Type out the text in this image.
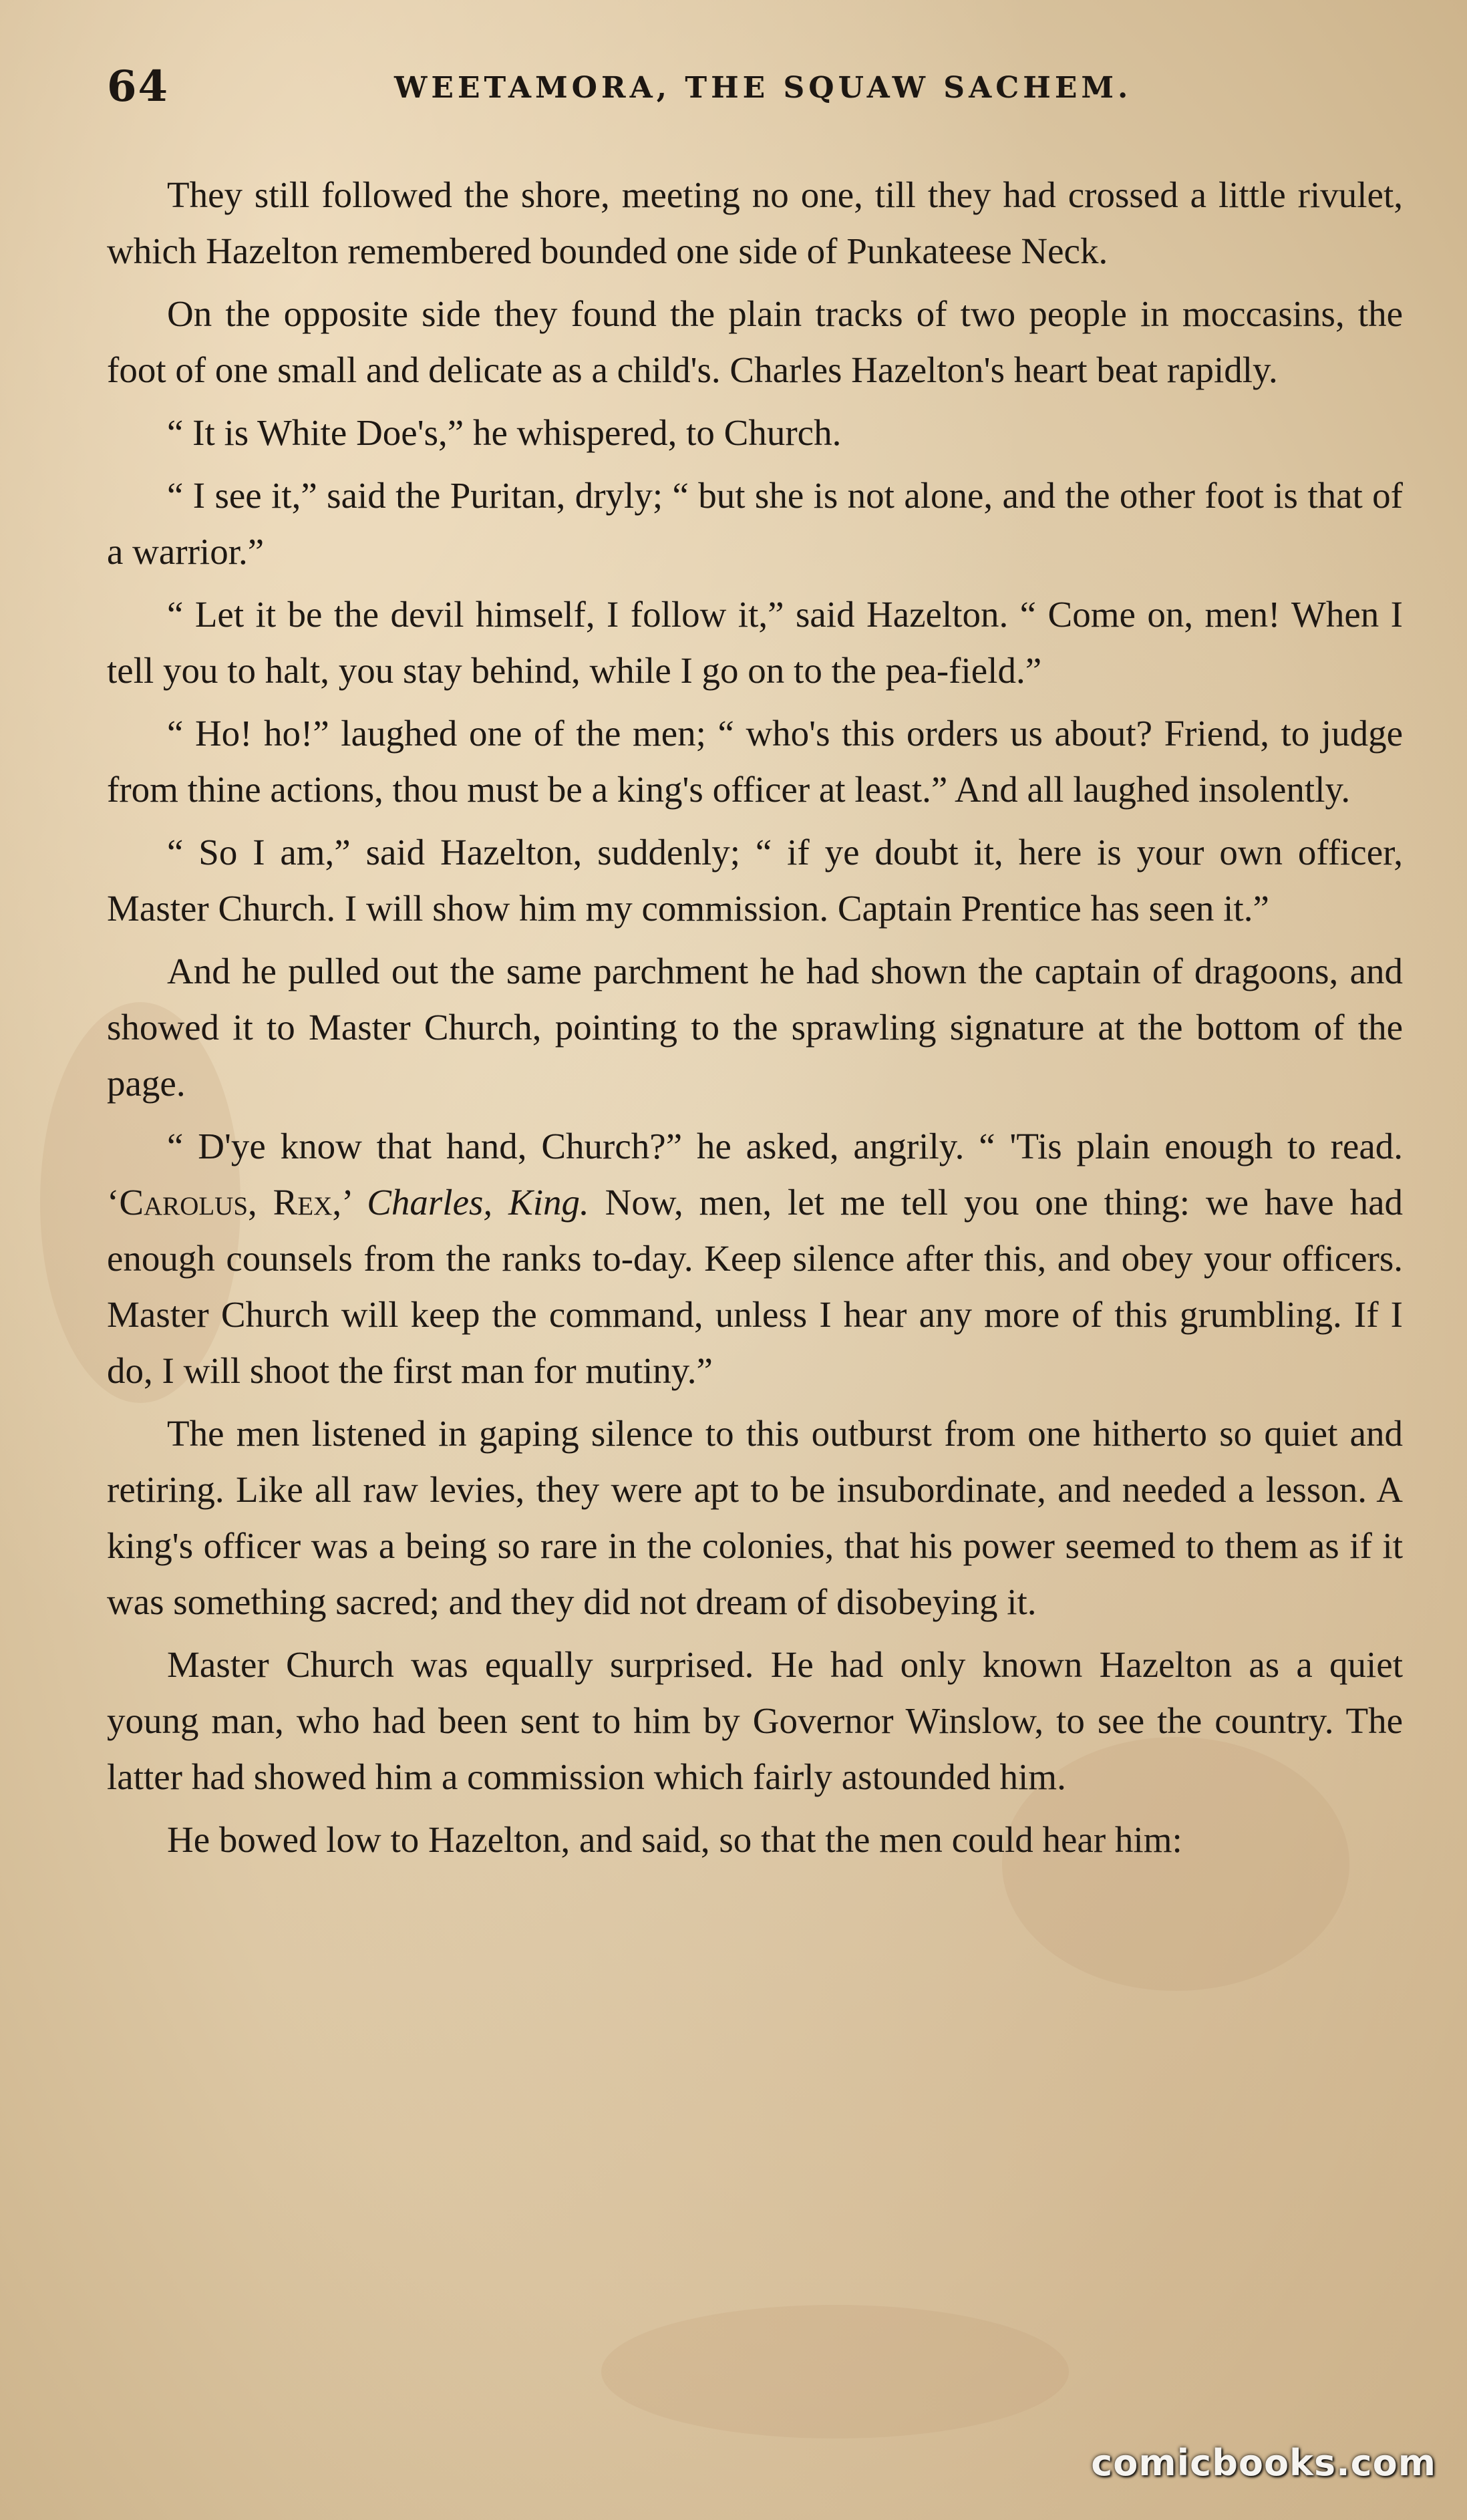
64	WEETAMORA, THE SQUAW SACHEM.

They still followed the shore, meeting no one, till they had crossed a little rivulet, which Hazelton remembered bounded one side of Punkateese Neck.

On the opposite side they found the plain tracks of two people in moccasins, the foot of one small and delicate as a child's. Charles Hazelton's heart beat rapidly.

“ It is White Doe's,” he whispered, to Church.

“ I see it,” said the Puritan, dryly; “ but she is not alone, and the other foot is that of a warrior.”

“ Let it be the devil himself, I follow it,” said Hazelton. “ Come on, men! When I tell you to halt, you stay behind, while I go on to the pea-field.”

“ Ho! ho!” laughed one of the men; “ who's this orders us about? Friend, to judge from thine actions, thou must be a king's officer at least.” And all laughed insolently.

“ So I am,” said Hazelton, suddenly; “ if ye doubt it, here is your own officer, Master Church. I will show him my commission. Captain Prentice has seen it.”

And he pulled out the same parchment he had shown the captain of dragoons, and showed it to Master Church, pointing to the sprawling signature at the bottom of the page.

“ D'ye know that hand, Church?” he asked, angrily. “ 'Tis plain enough to read. ‘Carolus, Rex,’ Charles, King. Now, men, let me tell you one thing: we have had enough counsels from the ranks to-day. Keep silence after this, and obey your officers. Master Church will keep the command, unless I hear any more of this grumbling. If I do, I will shoot the first man for mutiny.”

The men listened in gaping silence to this outburst from one hitherto so quiet and retiring. Like all raw levies, they were apt to be insubordinate, and needed a lesson. A king's officer was a being so rare in the colonies, that his power seemed to them as if it was something sacred; and they did not dream of disobeying it.

Master Church was equally surprised. He had only known Hazelton as a quiet young man, who had been sent to him by Governor Winslow, to see the country. The latter had showed him a commission which fairly astounded him.

He bowed low to Hazelton, and said, so that the men could hear him:

comicbooks.com
